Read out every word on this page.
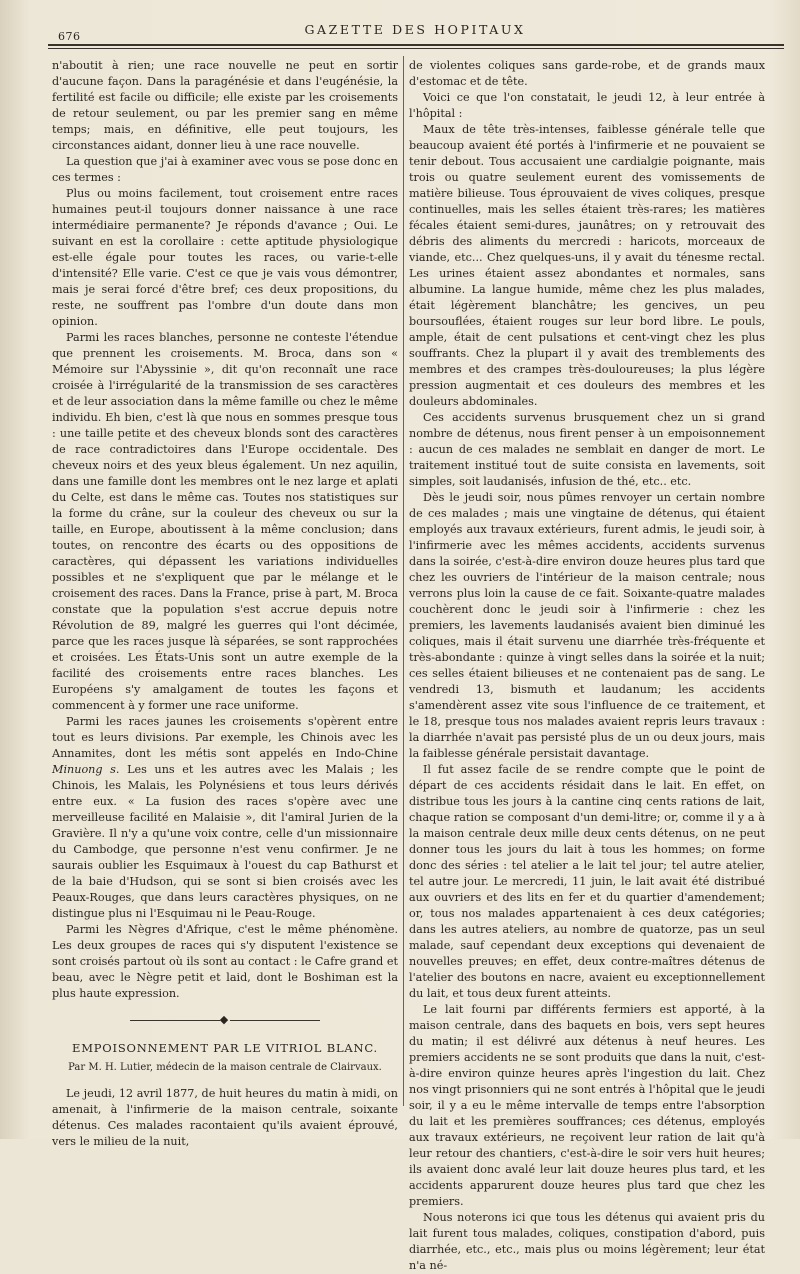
676	GAZETTE DES HOPITAUX

n'aboutit à rien; une race nouvelle ne peut en sortir d'aucune façon. Dans la paragénésie et dans l'eugénésie, la fertilité est facile ou difficile; elle existe par les croisements de retour seulement, ou par les premier sang en même temps; mais, en définitive, elle peut toujours, les circonstances aidant, donner lieu à une race nouvelle.

La question que j'ai à examiner avec vous se pose donc en ces termes :

Plus ou moins facilement, tout croisement entre races humaines peut-il toujours donner naissance à une race intermédiaire permanente? Je réponds d'avance ; Oui. Le suivant en est la corollaire : cette aptitude physiologique est-elle égale pour toutes les races, ou varie-t-elle d'intensité? Elle varie. C'est ce que je vais vous démontrer, mais je serai forcé d'être bref; ces deux propositions, du reste, ne souffrent pas l'ombre d'un doute dans mon opinion.

Parmi les races blanches, personne ne conteste l'étendue que prennent les croisements. M. Broca, dans son « Mémoire sur l'Abyssinie », dit qu'on reconnaît une race croisée à l'irrégularité de la transmission de ses caractères et de leur association dans la même famille ou chez le même individu. Eh bien, c'est là que nous en sommes presque tous : une taille petite et des cheveux blonds sont des caractères de race contradictoires dans l'Europe occidentale. Des cheveux noirs et des yeux bleus également. Un nez aquilin, dans une famille dont les membres ont le nez large et aplati du Celte, est dans le même cas. Toutes nos statistiques sur la forme du crâne, sur la couleur des cheveux ou sur la taille, en Europe, aboutissent à la même conclusion; dans toutes, on rencontre des écarts ou des oppositions de caractères, qui dépassent les variations individuelles possibles et ne s'expliquent que par le mélange et le croisement des races. Dans la France, prise à part, M. Broca constate que la population s'est accrue depuis notre Révolution de 89, malgré les guerres qui l'ont décimée, parce que les races jusque là séparées, se sont rapprochées et croisées. Les États-Unis sont un autre exemple de la facilité des croisements entre races blanches. Les Européens s'y amalgament de toutes les façons et commencent à y former une race uniforme.

Parmi les races jaunes les croisements s'opèrent entre tout es leurs divisions. Par exemple, les Chinois avec les Annamites, dont les métis sont appelés en Indo-Chine Minuong s. Les uns et les autres avec les Malais ; les Chinois, les Malais, les Polynésiens et tous leurs dérivés entre eux. « La fusion des races s'opère avec une merveilleuse facilité en Malaisie », dit l'amiral Jurien de la Gravière. Il n'y a qu'une voix contre, celle d'un missionnaire du Cambodge, que personne n'est venu confirmer. Je ne saurais oublier les Esquimaux à l'ouest du cap Bathurst et de la baie d'Hudson, qui se sont si bien croisés avec les Peaux-Rouges, que dans leurs caractères physiques, on ne distingue plus ni l'Esquimau ni le Peau-Rouge.

Parmi les Nègres d'Afrique, c'est le même phénomène. Les deux groupes de races qui s'y disputent l'existence se sont croisés partout où ils sont au contact : le Cafre grand et beau, avec le Nègre petit et laid, dont le Boshiman est la plus haute expression.

◆
EMPOISONNEMENT PAR LE VITRIOL BLANC.
Par M. H. Lutier, médecin de la maison centrale de Clairvaux.

Le jeudi, 12 avril 1877, de huit heures du matin à midi, on amenait, à l'infirmerie de la maison centrale, soixante détenus. Ces malades racontaient qu'ils avaient éprouvé, vers le milieu de la nuit,

de violentes coliques sans garde-robe, et de grands maux d'estomac et de tête.

Voici ce que l'on constatait, le jeudi 12, à leur entrée à l'hôpital :

Maux de tête très-intenses, faiblesse générale telle que beaucoup avaient été portés à l'infirmerie et ne pouvaient se tenir debout. Tous accusaient une cardialgie poignante, mais trois ou quatre seulement eurent des vomissements de matière bilieuse. Tous éprouvaient de vives coliques, presque continuelles, mais les selles étaient très-rares; les matières fécales étaient semi-dures, jaunâtres; on y retrouvait des débris des aliments du mercredi : haricots, morceaux de viande, etc... Chez quelques-uns, il y avait du ténesme rectal. Les urines étaient assez abondantes et normales, sans albumine. La langue humide, même chez les plus malades, était légèrement blanchâtre; les gencives, un peu boursouflées, étaient rouges sur leur bord libre. Le pouls, ample, était de cent pulsations et cent-vingt chez les plus souffrants. Chez la plupart il y avait des tremblements des membres et des crampes très-douloureuses; la plus légère pression augmentait et ces douleurs des membres et les douleurs abdominales.

Ces accidents survenus brusquement chez un si grand nombre de détenus, nous firent penser à un empoisonnement : aucun de ces malades ne semblait en danger de mort. Le traitement institué tout de suite consista en lavements, soit simples, soit laudanisés, infusion de thé, etc.. etc.

Dès le jeudi soir, nous pûmes renvoyer un certain nombre de ces malades ; mais une vingtaine de détenus, qui étaient employés aux travaux extérieurs, furent admis, le jeudi soir, à l'infirmerie avec les mêmes accidents, accidents survenus dans la soirée, c'est-à-dire environ douze heures plus tard que chez les ouvriers de l'intérieur de la maison centrale; nous verrons plus loin la cause de ce fait. Soixante-quatre malades couchèrent donc le jeudi soir à l'infirmerie : chez les premiers, les lavements laudanisés avaient bien diminué les coliques, mais il était survenu une diarrhée très-fréquente et très-abondante : quinze à vingt selles dans la soirée et la nuit; ces selles étaient bilieuses et ne contenaient pas de sang. Le vendredi 13, bismuth et laudanum; les accidents s'amendèrent assez vite sous l'influence de ce traitement, et le 18, presque tous nos malades avaient repris leurs travaux : la diarrhée n'avait pas persisté plus de un ou deux jours, mais la faiblesse générale persistait davantage.

Il fut assez facile de se rendre compte que le point de départ de ces accidents résidait dans le lait. En effet, on distribue tous les jours à la cantine cinq cents rations de lait, chaque ration se composant d'un demi-litre; or, comme il y a à la maison centrale deux mille deux cents détenus, on ne peut donner tous les jours du lait à tous les hommes; on forme donc des séries : tel atelier a le lait tel jour; tel autre atelier, tel autre jour. Le mercredi, 11 juin, le lait avait été distribué aux ouvriers et des lits en fer et du quartier d'amendement; or, tous nos malades appartenaient à ces deux catégories; dans les autres ateliers, au nombre de quatorze, pas un seul malade, sauf cependant deux exceptions qui devenaient de nouvelles preuves; en effet, deux contre-maîtres détenus de l'atelier des boutons en nacre, avaient eu exceptionnellement du lait, et tous deux furent atteints.

Le lait fourni par différents fermiers est apporté, à la maison centrale, dans des baquets en bois, vers sept heures du matin; il est délivré aux détenus à neuf heures. Les premiers accidents ne se sont produits que dans la nuit, c'est-à-dire environ quinze heures après l'ingestion du lait. Chez nos vingt prisonniers qui ne sont entrés à l'hôpital que le jeudi soir, il y a eu le même intervalle de temps entre l'absorption du lait et les premières souffrances; ces détenus, employés aux travaux extérieurs, ne reçoivent leur ration de lait qu'à leur retour des chantiers, c'est-à-dire le soir vers huit heures; ils avaient donc avalé leur lait douze heures plus tard, et les accidents apparurent douze heures plus tard que chez les premiers.

Nous noterons ici que tous les détenus qui avaient pris du lait furent tous malades, coliques, constipation d'abord, puis diarrhée, etc., etc., mais plus ou moins légèrement; leur état n'a né-
